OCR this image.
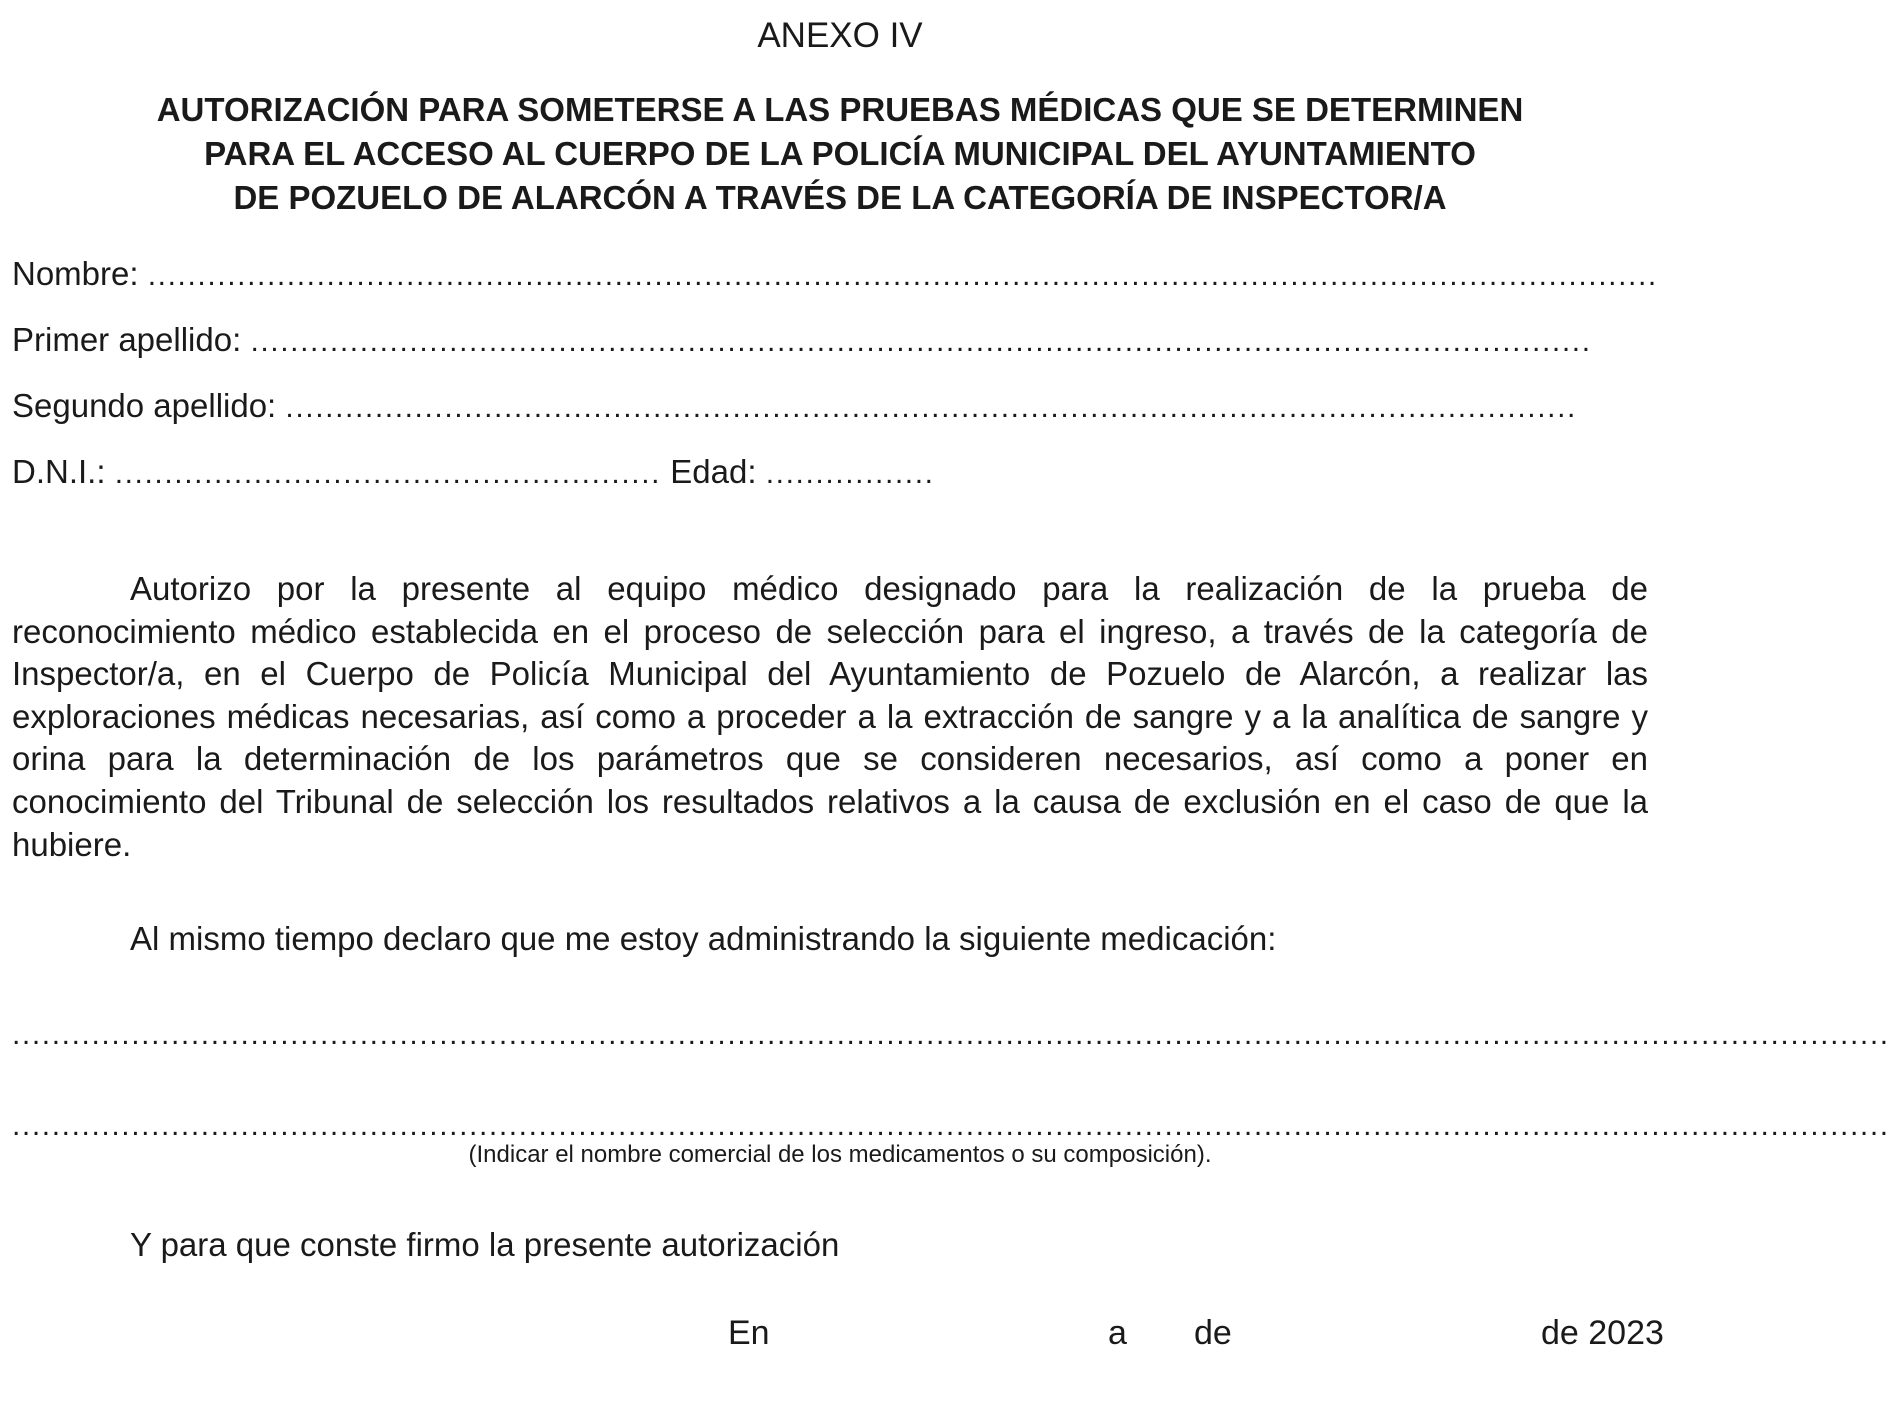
ANEXO IV
AUTORIZACIÓN PARA SOMETERSE A LAS PRUEBAS MÉDICAS QUE SE DETERMINEN
PARA EL ACCESO AL CUERPO DE LA POLICÍA MUNICIPAL DEL AYUNTAMIENTO
DE POZUELO DE ALARCÓN A TRAVÉS DE LA CATEGORÍA DE INSPECTOR/A
Nombre: ........................................................................................................................................................
Primer apellido: .......................................................................................................................................
Segundo apellido: ..................................................................................................................................
D.N.I.: ....................................................... Edad: .................
Autorizo por la presente al equipo médico designado para la realización de la prueba de reconocimiento médico establecida en el proceso de selección para el ingreso, a través de la categoría de Inspector/a, en el Cuerpo de Policía Municipal del Ayuntamiento de Pozuelo de Alarcón, a realizar las exploraciones médicas necesarias, así como a proceder a la extracción de sangre y a la analítica de sangre y orina para la determinación de los parámetros que se consideren necesarios, así como a poner en conocimiento del Tribunal de selección los resultados relativos a la causa de exclusión en el caso de que la hubiere.
Al mismo tiempo declaro que me estoy administrando la siguiente medicación:
.............................................................................................................................................................................................
.............................................................................................................................................................................................
(Indicar el nombre comercial de los medicamentos o su composición).
Y para que conste firmo la presente autorización
En	a de	de 2023
